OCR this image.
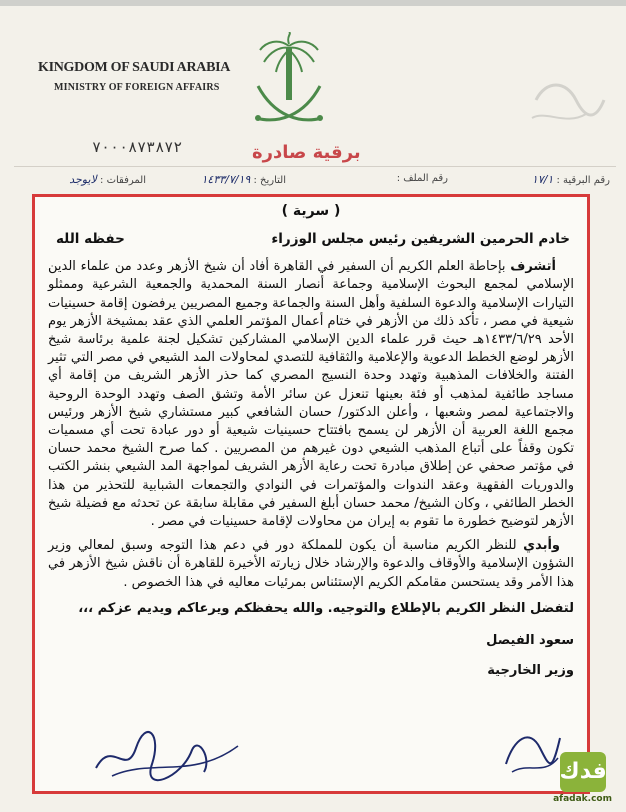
KINGDOM OF SAUDI ARABIA
MINISTRY OF FOREIGN AFFAIRS
٧٠٠٠٨٧٣٨٧٢	برقية صادرة
رقم البرقية : ١٧/١
رقم الملف :
التاريخ : ١٤٣٣/٧/١٩
المرفقات : لايوجد
( سرية )
خادم الحرمين الشريفين رئيس مجلس الوزراء
حفظه الله
أتشرف بإحاطة العلم الكريم أن السفير في القاهرة أفاد أن شيخ الأزهر وعدد من علماء الدين الإسلامي لمجمع البحوث الإسلامية وجماعة أنصار السنة المحمدية والجمعية الشرعية وممثلو التيارات الإسلامية والدعوة السلفية وأهل السنة والجماعة وجميع المصريين يرفضون إقامة حسينيات شيعية في مصر ، تأكد ذلك من الأزهر في ختام أعمال المؤتمر العلمي الذي عقد بمشيخة الأزهر يوم الأحد ١٤٣٣/٦/٢٩هـ حيث قرر علماء الدين الإسلامي المشاركين تشكيل لجنة علمية برئاسة شيخ الأزهر لوضع الخطط الدعوية والإعلامية والثقافية للتصدي لمحاولات المد الشيعي في مصر التي تثير الفتنة والخلافات المذهبية وتهدد وحدة النسيج المصري كما حذر الأزهر الشريف من إقامة أي مساجد طائفية لمذهب أو فئة بعينها تنعزل عن سائر الأمة وتشق الصف وتهدد الوحدة الروحية والاجتماعية لمصر وشعبها ، وأعلن الدكتور/ حسان الشافعي كبير مستشاري شيخ الأزهر ورئيس مجمع اللغة العربية أن الأزهر لن يسمح بافتتاح حسينيات شيعية أو دور عبادة تحت أي مسميات تكون وقفاً على أتباع المذهب الشيعي دون غيرهم من المصريين . كما صرح الشيخ محمد حسان في مؤتمر صحفي عن إطلاق مبادرة تحت رعاية الأزهر الشريف لمواجهة المد الشيعي بنشر الكتب والدوريات الفقهية وعقد الندوات والمؤتمرات في النوادي والتجمعات الشبابية للتحذير من هذا الخطر الطائفي ، وكان الشيخ/ محمد حسان أبلغ السفير في مقابلة سابقة عن تحدثه مع فضيلة شيخ الأزهر لتوضيح خطورة ما تقوم به إيران من محاولات لإقامة حسينيات في مصر .
وأبدي للنظر الكريم مناسبة أن يكون للمملكة دور في دعم هذا التوجه وسبق لمعالي وزير الشؤون الإسلامية والأوقاف والدعوة والإرشاد خلال زيارته الأخيرة للقاهرة أن ناقش شيخ الأزهر في هذا الأمر وقد يستحسن مقامكم الكريم الإستئناس بمرئيات معاليه في هذا الخصوص .
لتفضل النظر الكريم بالإطلاع والتوجيه. والله يحفظكم ويرعاكم ويديم عزكم ،،،
سعود الفيصل
وزير الخارجية
فدك
afadak.com
